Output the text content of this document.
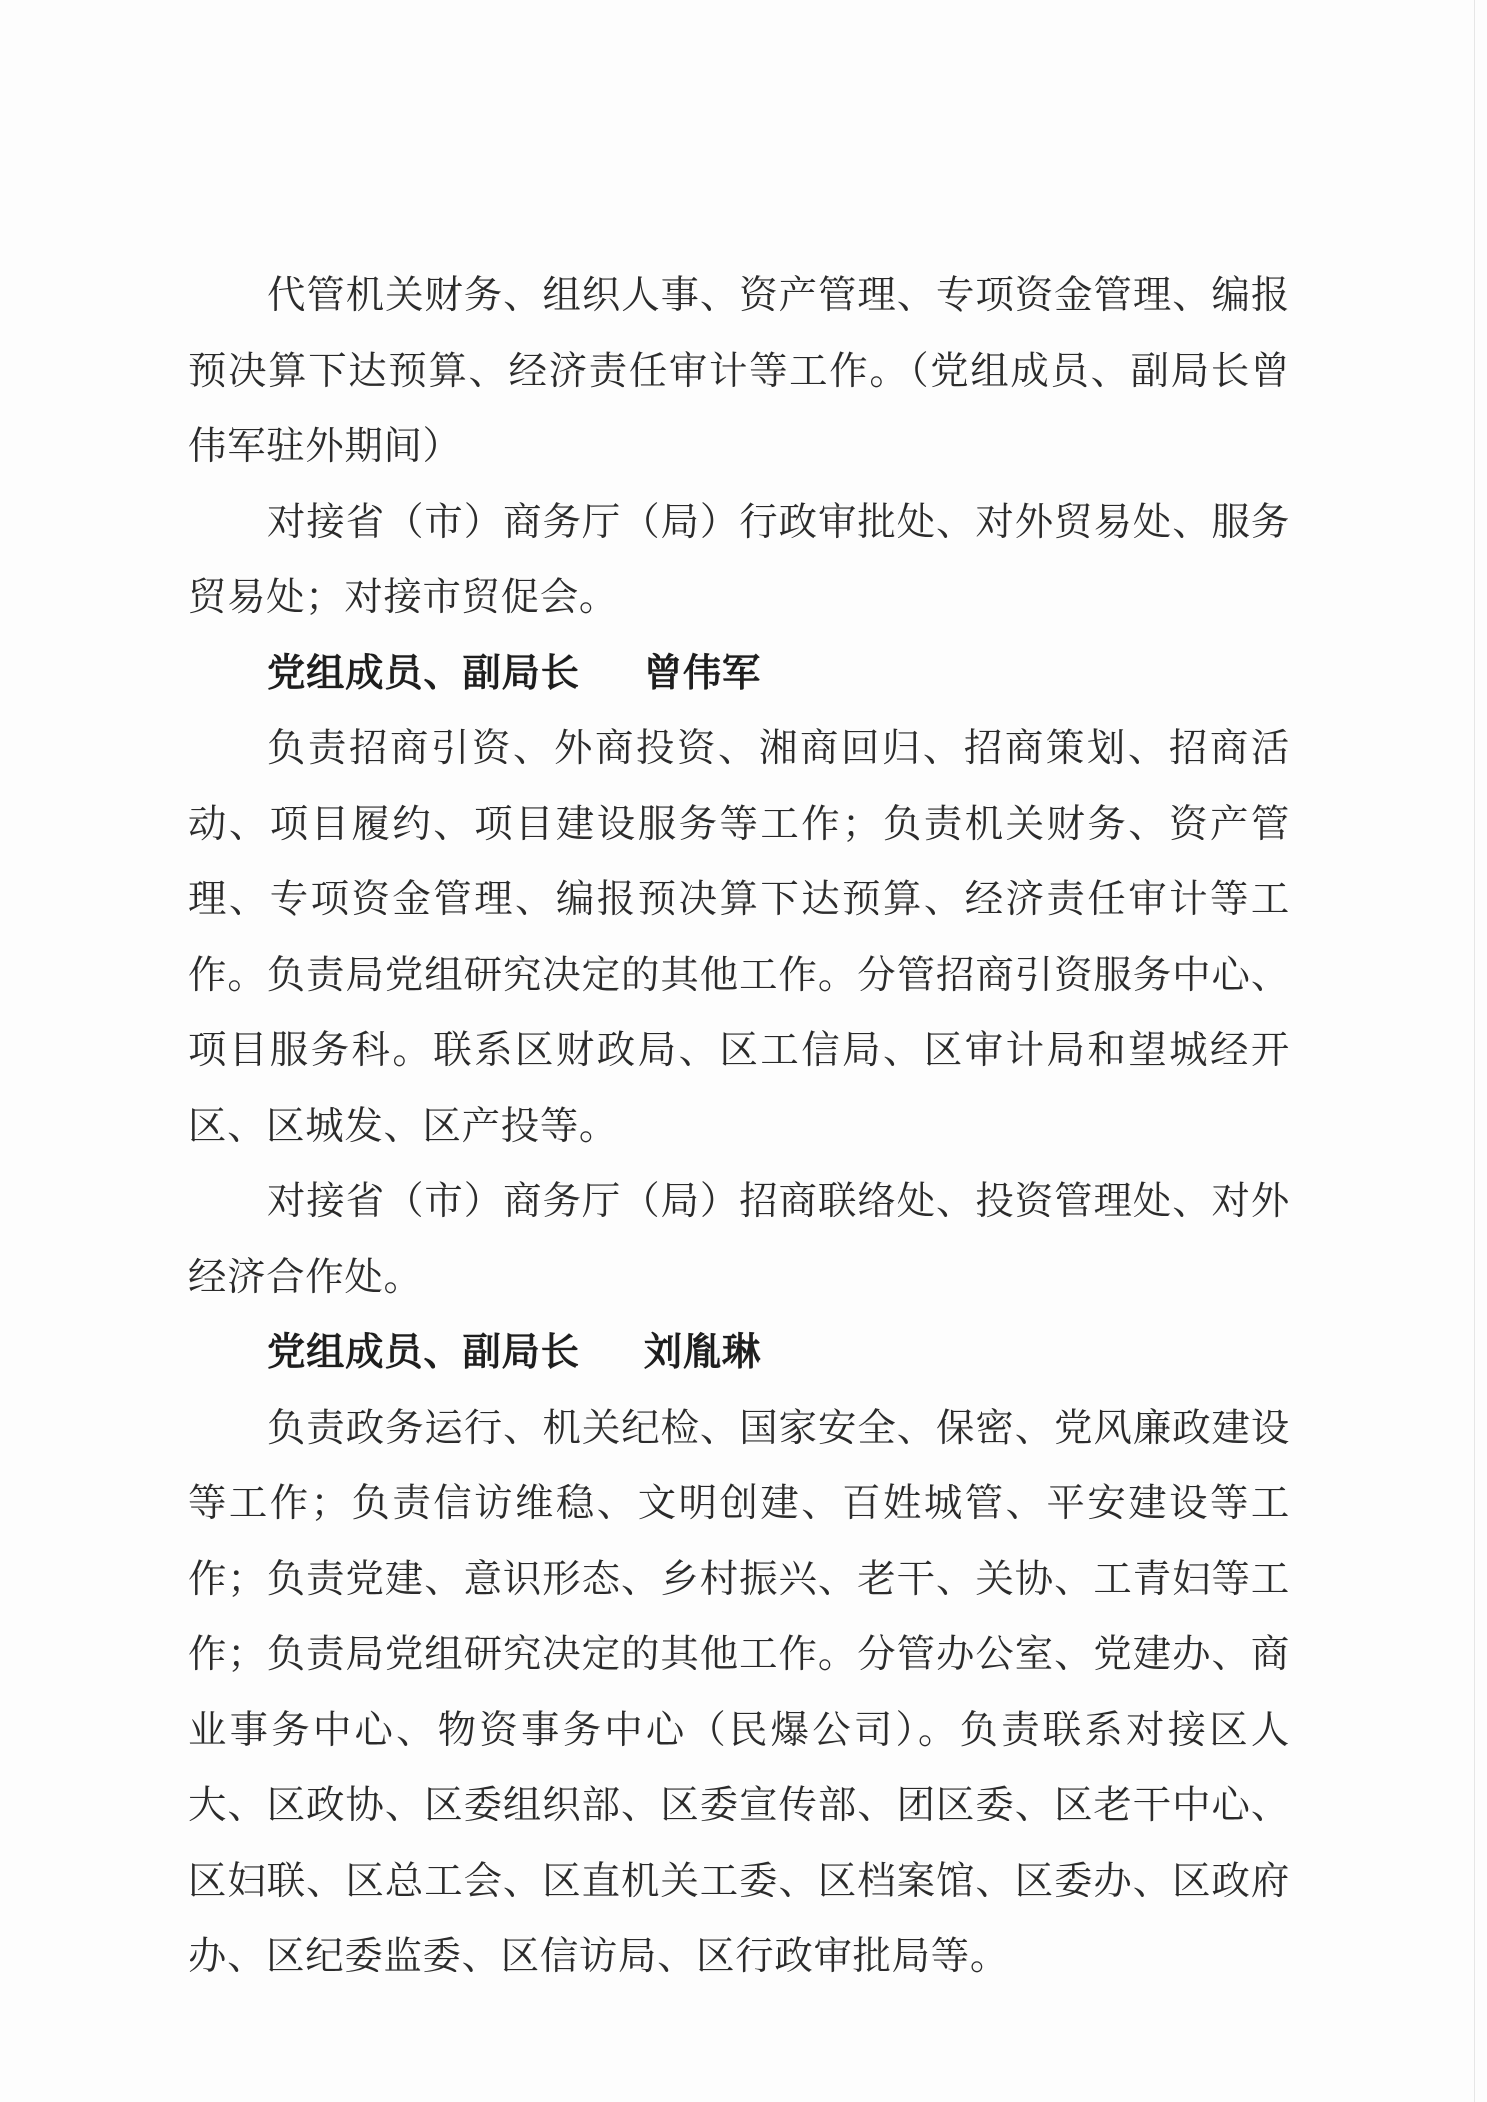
代管机关财务、组织人事、资产管理、专项资金管理、编报预决算下达预算、经济责任审计等工作。（党组成员、副局长曾伟军驻外期间）

对接省（市）商务厅（局）行政审批处、对外贸易处、服务贸易处；对接市贸促会。

党组成员、副局长 曾伟军

负责招商引资、外商投资、湘商回归、招商策划、招商活动、项目履约、项目建设服务等工作；负责机关财务、资产管理、专项资金管理、编报预决算下达预算、经济责任审计等工作。负责局党组研究决定的其他工作。分管招商引资服务中心、项目服务科。联系区财政局、区工信局、区审计局和望城经开区、区城发、区产投等。

对接省（市）商务厅（局）招商联络处、投资管理处、对外经济合作处。

党组成员、副局长 刘胤琳

负责政务运行、机关纪检、国家安全、保密、党风廉政建设等工作；负责信访维稳、文明创建、百姓城管、平安建设等工作；负责党建、意识形态、乡村振兴、老干、关协、工青妇等工作；负责局党组研究决定的其他工作。分管办公室、党建办、商业事务中心、物资事务中心（民爆公司）。负责联系对接区人大、区政协、区委组织部、区委宣传部、团区委、区老干中心、区妇联、区总工会、区直机关工委、区档案馆、区委办、区政府办、区纪委监委、区信访局、区行政审批局等。
